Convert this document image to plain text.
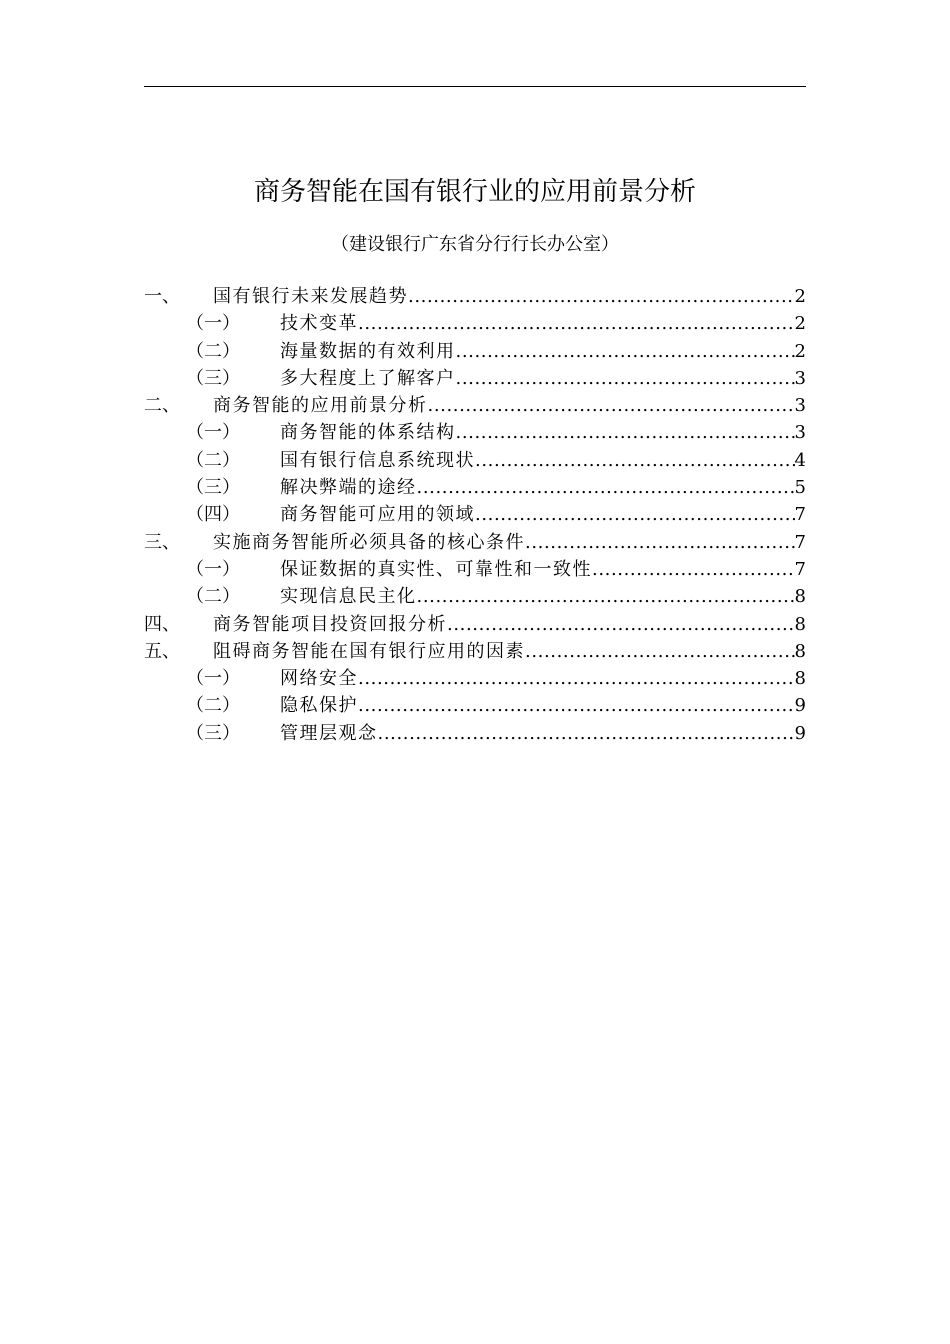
商务智能在国有银行业的应用前景分析

（建设银行广东省分行行长办公室）

一、	国有银行未来发展趋势 .....	2
（一）	技术变革 .....	2
（二）	海量数据的有效利用 .....	2
（三）	多大程度上了解客户 .....	3
二、	商务智能的应用前景分析 .....	3
（一）	商务智能的体系结构 .....	3
（二）	国有银行信息系统现状 .....	4
（三）	解决弊端的途经 .....	5
（四）	商务智能可应用的领域 .....	7
三、	实施商务智能所必须具备的核心条件 .....	7
（一）	保证数据的真实性、可靠性和一致性 .....	7
（二）	实现信息民主化 .....	8
四、	商务智能项目投资回报分析 .....	8
五、	阻碍商务智能在国有银行应用的因素 .....	8
（一）	网络安全 .....	8
（二）	隐私保护 .....	9
（三）	管理层观念 .....	9
